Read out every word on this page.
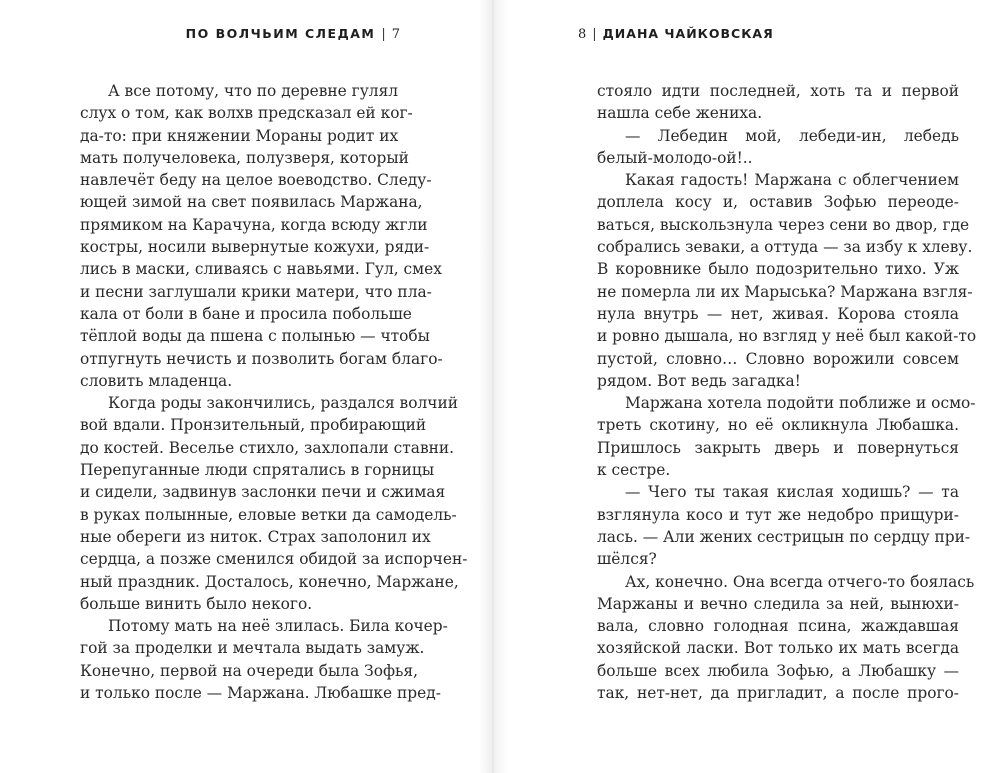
ПО ВОЛЧЬИМ СЛЕДАМ | 7
А все потому, что по деревне гулял
слух о том, как волхв предсказал ей ког-
да-то: при княжении Мораны родит их
мать получеловека, полузверя, который
навлечёт беду на целое воеводство. Следу-
ющей зимой на свет появилась Маржана,
прямиком на Карачуна, когда всюду жгли
костры, носили вывернутые кожухи, ряди-
лись в маски, сливаясь с навьями. Гул, смех
и песни заглушали крики матери, что пла-
кала от боли в бане и просила побольше
тёплой воды да пшена с полынью — чтобы
отпугнуть нечисть и позволить богам благо-
словить младенца.
Когда роды закончились, раздался волчий
вой вдали. Пронзительный, пробирающий
до костей. Веселье стихло, захлопали ставни.
Перепуганные люди спрятались в горницы
и сидели, задвинув заслонки печи и сжимая
в руках полынные, еловые ветки да самодель-
ные обереги из ниток. Страх заполонил их
сердца, а позже сменился обидой за испорчен-
ный праздник. Досталось, конечно, Маржане,
больше винить было некого.
Потому мать на неё злилась. Била кочер-
гой за проделки и мечтала выдать замуж.
Конечно, первой на очереди была Зофья,
и только после — Маржана. Любашке пред-
8 | ДИАНА ЧАЙКОВСКАЯ
стояло идти последней, хоть та и первой
нашла себе жениха.
— Лебедин мой, лебеди-ин, лебедь
белый-молодо-ой!..
Какая гадость! Маржана с облегчением
доплела косу и, оставив Зофью переоде-
ваться, выскользнула через сени во двор, где
собрались зеваки, а оттуда — за избу к хлеву.
В коровнике было подозрительно тихо. Уж
не померла ли их Марыська? Маржана взгля-
нула внутрь — нет, живая. Корова стояла
и ровно дышала, но взгляд у неё был какой-то
пустой, словно… Словно ворожили совсем
рядом. Вот ведь загадка!
Маржана хотела подойти поближе и осмо-
треть скотину, но её окликнула Любашка.
Пришлось закрыть дверь и повернуться
к сестре.
— Чего ты такая кислая ходишь? — та
взглянула косо и тут же недобро прищури-
лась. — Али жених сестрицын по сердцу при-
шёлся?
Ах, конечно. Она всегда отчего-то боялась
Маржаны и вечно следила за ней, вынюхи-
вала, словно голодная псина, жаждавшая
хозяйской ласки. Вот только их мать всегда
больше всех любила Зофью, а Любашку —
так, нет-нет, да пригладит, а после прого-
